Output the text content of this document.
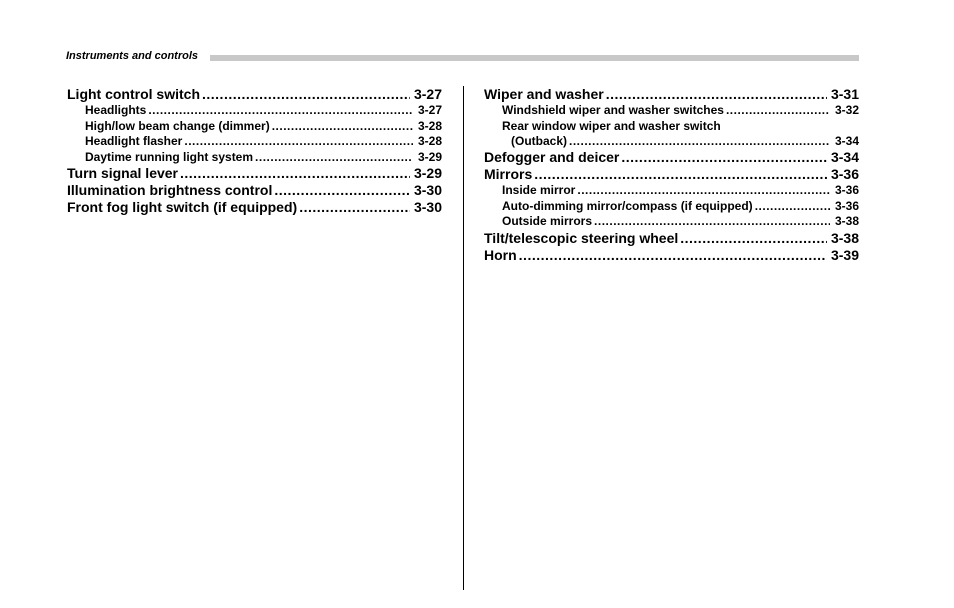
Instruments and controls
Light control switch .....	3-27
Headlights .....	3-27
High/low beam change (dimmer) .....	3-28
Headlight flasher .....	3-28
Daytime running light system .....	3-29
Turn signal lever .....	3-29
Illumination brightness control .....	3-30
Front fog light switch (if equipped) .....	3-30
Wiper and washer .....	3-31
Windshield wiper and washer switches .....	3-32
Rear window wiper and washer switch
(Outback) .....	3-34
Defogger and deicer .....	3-34
Mirrors .....	3-36
Inside mirror .....	3-36
Auto-dimming mirror/compass (if equipped) .....	3-36
Outside mirrors .....	3-38
Tilt/telescopic steering wheel .....	3-38
Horn .....	3-39
